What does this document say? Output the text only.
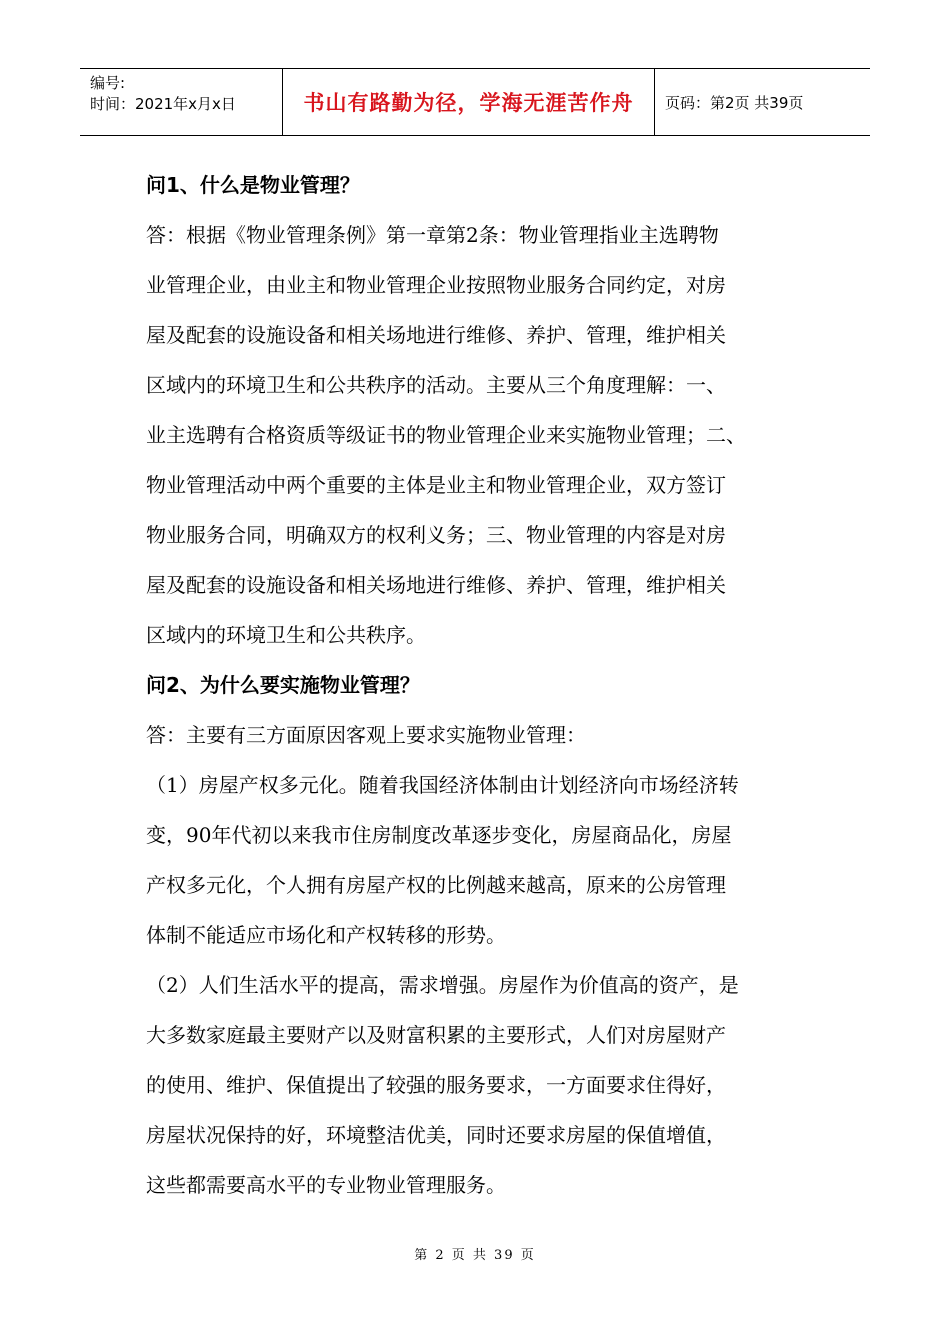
编号:
时间：2021年x月x日	书山有路勤为径，学海无涯苦作舟 页码：第2页 共39页

问1、什么是物业管理？

答：根据《物业管理条例》第一章第2条：物业管理指业主选聘物

业管理企业，由业主和物业管理企业按照物业服务合同约定，对房

屋及配套的设施设备和相关场地进行维修、养护、管理，维护相关

区域内的环境卫生和公共秩序的活动。主要从三个角度理解：一、

业主选聘有合格资质等级证书的物业管理企业来实施物业管理；二、

物业管理活动中两个重要的主体是业主和物业管理企业，双方签订

物业服务合同，明确双方的权利义务；三、物业管理的内容是对房

屋及配套的设施设备和相关场地进行维修、养护、管理，维护相关

区域内的环境卫生和公共秩序。

问2、为什么要实施物业管理？

答：主要有三方面原因客观上要求实施物业管理：

（1）房屋产权多元化。随着我国经济体制由计划经济向市场经济转

变，90年代初以来我市住房制度改革逐步变化，房屋商品化，房屋

产权多元化，个人拥有房屋产权的比例越来越高，原来的公房管理

体制不能适应市场化和产权转移的形势。

（2）人们生活水平的提高，需求增强。房屋作为价值高的资产，是

大多数家庭最主要财产以及财富积累的主要形式，人们对房屋财产

的使用、维护、保值提出了较强的服务要求，一方面要求住得好，

房屋状况保持的好，环境整洁优美，同时还要求房屋的保值增值，

这些都需要高水平的专业物业管理服务。

第 2 页 共 39 页
